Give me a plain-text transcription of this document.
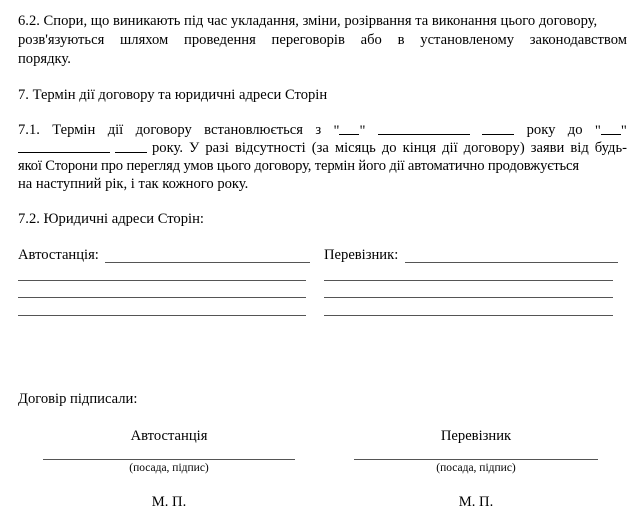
6.2. Спори, що виникають під час укладання, зміни, розірвання та виконання цього договору,
розв'язуються шляхом проведення переговорів або в установленому законодавством
порядку.
7. Термін дії договору та юридичні адреси Сторін
7.1. Термін дії договору встановлюється з " "	року до " "
року. У разі відсутності (за місяць до кінця дії договору) заяви від будь-
якої Сторони про перегляд умов цього договору, термін його дії автоматично продовжується
на наступний рік, і так кожного року.
7.2. Юридичні адреси Сторін:
Автостанція:	Перевізник:
Договір підписали:
Автостанція
(посада, підпис)
М. П.
Перевізник
(посада, підпис)
М. П.
